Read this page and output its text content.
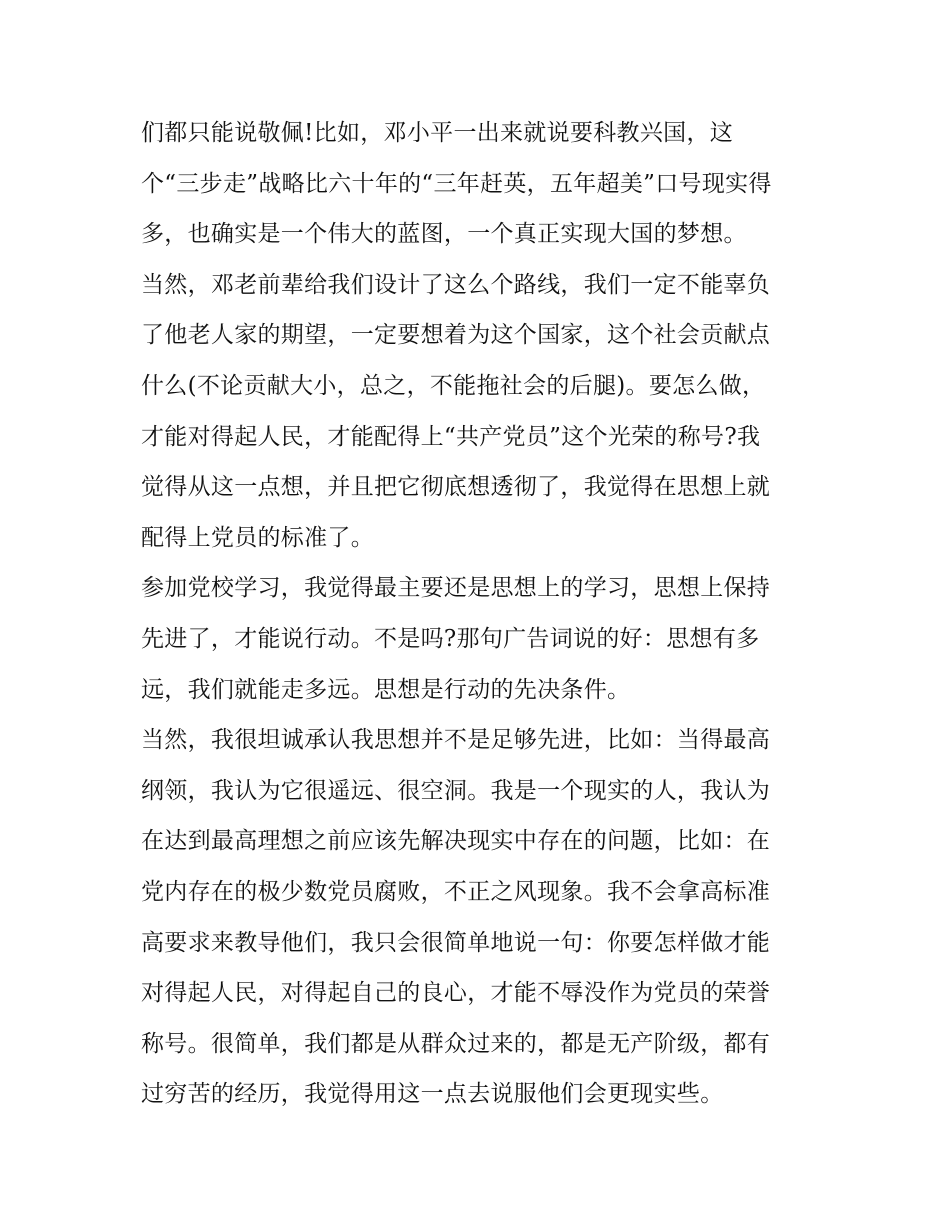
们都只能说敬佩!比如，邓小平一出来就说要科教兴国，这
个“三步走”战略比六十年的“三年赶英，五年超美”口号现实得
多，也确实是一个伟大的蓝图，一个真正实现大国的梦想。
当然，邓老前辈给我们设计了这么个路线，我们一定不能辜负
了他老人家的期望，一定要想着为这个国家，这个社会贡献点
什么(不论贡献大小，总之，不能拖社会的后腿)。要怎么做，
才能对得起人民，才能配得上“共产党员”这个光荣的称号?我
觉得从这一点想，并且把它彻底想透彻了，我觉得在思想上就
配得上党员的标准了。
参加党校学习，我觉得最主要还是思想上的学习，思想上保持
先进了，才能说行动。不是吗?那句广告词说的好：思想有多
远，我们就能走多远。思想是行动的先决条件。
当然，我很坦诚承认我思想并不是足够先进，比如：当得最高
纲领，我认为它很遥远、很空洞。我是一个现实的人，我认为
在达到最高理想之前应该先解决现实中存在的问题，比如：在
党内存在的极少数党员腐败，不正之风现象。我不会拿高标准
高要求来教导他们，我只会很简单地说一句：你要怎样做才能
对得起人民，对得起自己的良心，才能不辱没作为党员的荣誉
称号。很简单，我们都是从群众过来的，都是无产阶级，都有
过穷苦的经历，我觉得用这一点去说服他们会更现实些。
